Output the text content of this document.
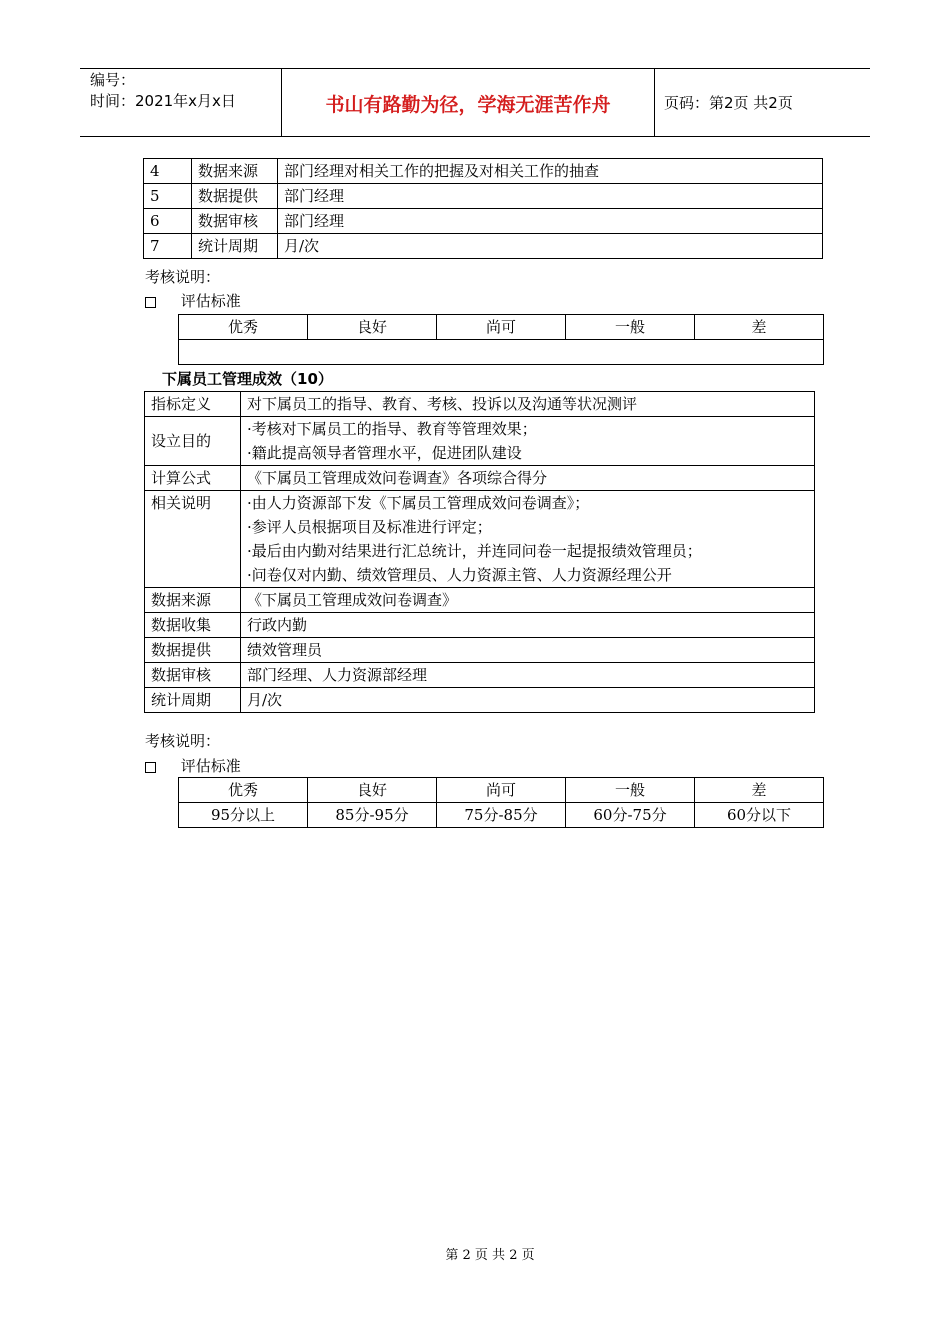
编号：
时间：2021年x月x日	书山有路勤为径，学海无涯苦作舟	页码：第2页 共2页
4	数据来源	部门经理对相关工作的把握及对相关工作的抽查
5	数据提供	部门经理
6	数据审核	部门经理
7	统计周期	月/次
考核说明：
评估标准
优秀	良好	尚可	一般	差

下属员工管理成效（10）
指标定义	对下属员工的指导、教育、考核、投诉以及沟通等状况测评
设立目的	·考核对下属员工的指导、教育等管理效果；
·籍此提高领导者管理水平，促进团队建设

计算公式	《下属员工管理成效问卷调查》各项综合得分
相关说明	·由人力资源部下发《下属员工管理成效问卷调查》；
·参评人员根据项目及标准进行评定；
·最后由内勤对结果进行汇总统计，并连同问卷一起提报绩效管理员；
·问卷仅对内勤、绩效管理员、人力资源主管、人力资源经理公开

数据来源	《下属员工管理成效问卷调查》
数据收集	行政内勤
数据提供	绩效管理员
数据审核	部门经理、人力资源部经理
统计周期	月/次
考核说明：
评估标准
优秀	良好	尚可	一般	差
95分以上	85分-95分	75分-85分	60分-75分	60分以下
第 2 页 共 2 页
